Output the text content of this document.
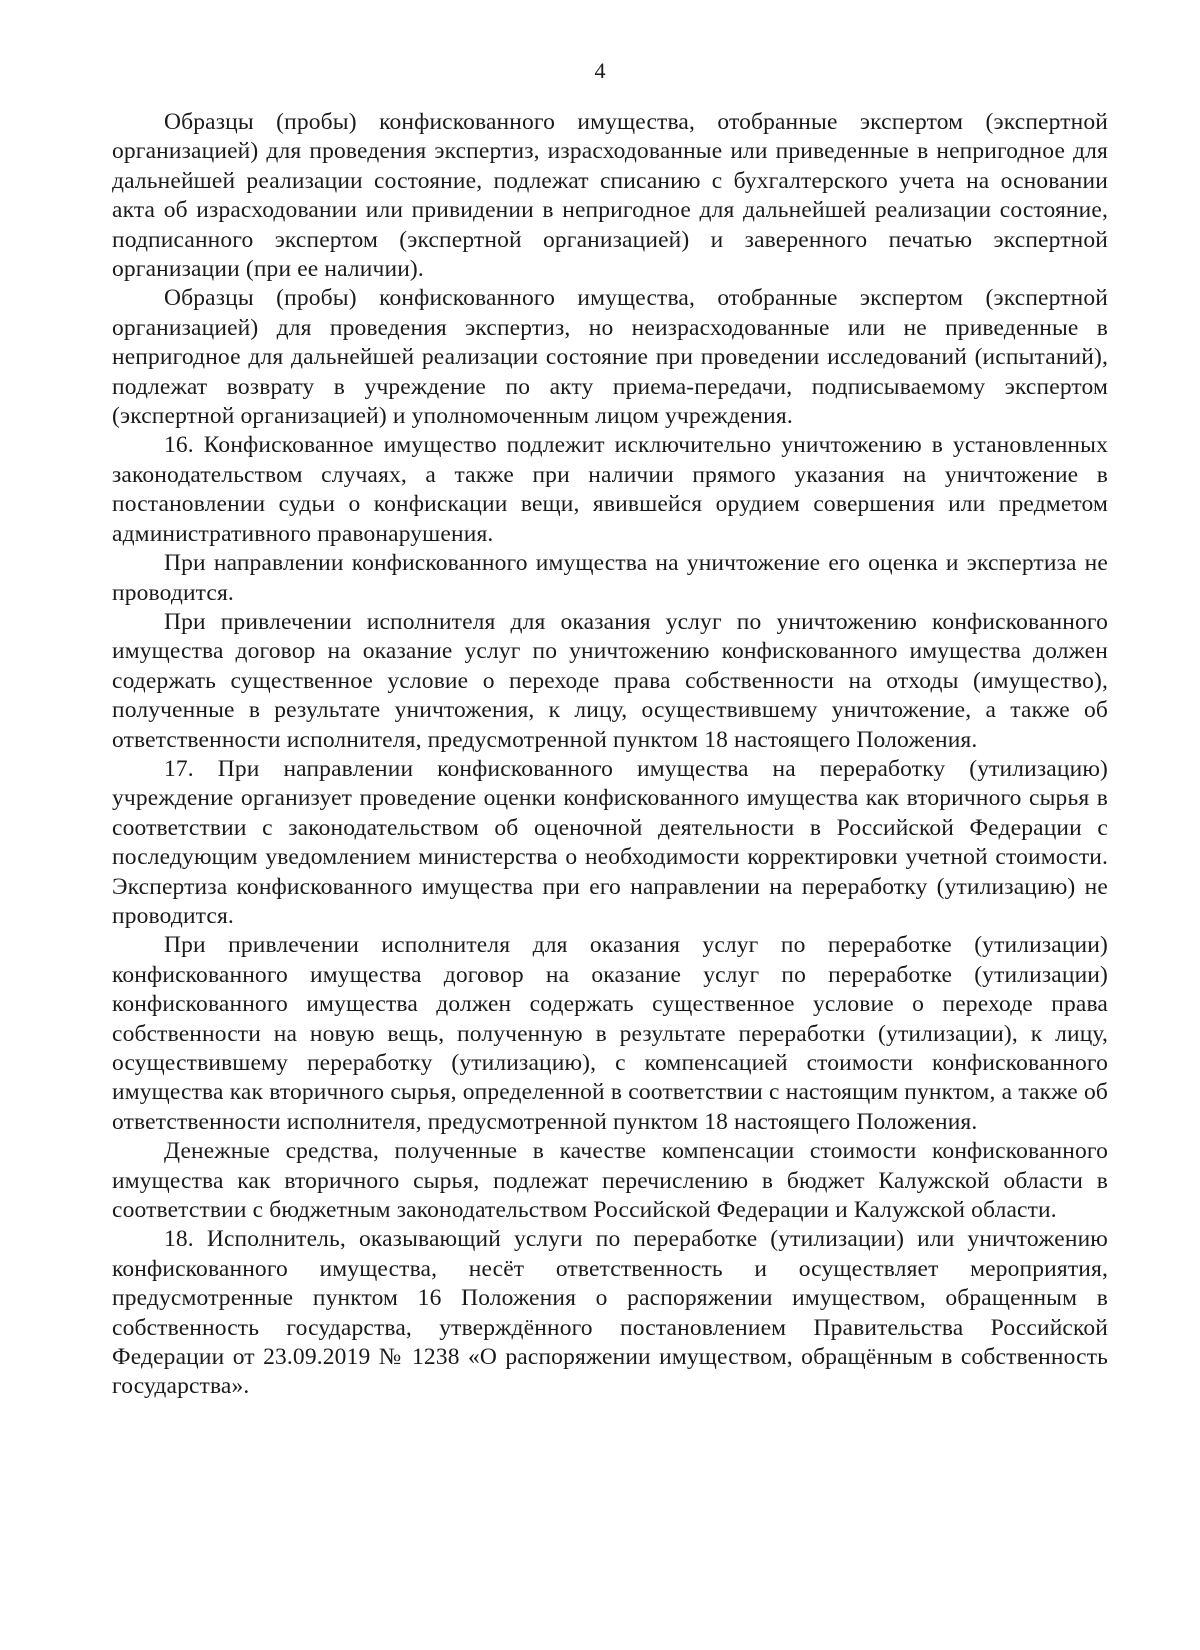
4

Образцы (пробы) конфискованного имущества, отобранные экспертом (экспертной организацией) для проведения экспертиз, израсходованные или приведенные в непригодное для дальнейшей реализации состояние, подлежат списанию с бухгалтерского учета на основании акта об израсходовании или привидении в непригодное для дальнейшей реализации состояние, подписанного экспертом (экспертной организацией) и заверенного печатью экспертной организации (при ее наличии).

Образцы (пробы) конфискованного имущества, отобранные экспертом (экспертной организацией) для проведения экспертиз, но неизрасходованные или не приведенные в непригодное для дальнейшей реализации состояние при проведении исследований (испытаний), подлежат возврату в учреждение по акту приема-передачи, подписываемому экспертом (экспертной организацией) и уполномоченным лицом учреждения.

16. Конфискованное имущество подлежит исключительно уничтожению в установленных законодательством случаях, а также при наличии прямого указания на уничтожение в постановлении судьи о конфискации вещи, явившейся орудием совершения или предметом административного правонарушения.

При направлении конфискованного имущества на уничтожение его оценка и экспертиза не проводится.

При привлечении исполнителя для оказания услуг по уничтожению конфискованного имущества договор на оказание услуг по уничтожению конфискованного имущества должен содержать существенное условие о переходе права собственности на отходы (имущество), полученные в результате уничтожения, к лицу, осуществившему уничтожение, а также об ответственности исполнителя, предусмотренной пунктом 18 настоящего Положения.

17. При направлении конфискованного имущества на переработку (утилизацию) учреждение организует проведение оценки конфискованного имущества как вторичного сырья в соответствии с законодательством об оценочной деятельности в Российской Федерации с последующим уведомлением министерства о необходимости корректировки учетной стоимости. Экспертиза конфискованного имущества при его направлении на переработку (утилизацию) не проводится.

При привлечении исполнителя для оказания услуг по переработке (утилизации) конфискованного имущества договор на оказание услуг по переработке (утилизации) конфискованного имущества должен содержать существенное условие о переходе права собственности на новую вещь, полученную в результате переработки (утилизации), к лицу, осуществившему переработку (утилизацию), с компенсацией стоимости конфискованного имущества как вторичного сырья, определенной в соответствии с настоящим пунктом, а также об ответственности исполнителя, предусмотренной пунктом 18 настоящего Положения.

Денежные средства, полученные в качестве компенсации стоимости конфискованного имущества как вторичного сырья, подлежат перечислению в бюджет Калужской области в соответствии с бюджетным законодательством Российской Федерации и Калужской области.

18. Исполнитель, оказывающий услуги по переработке (утилизации) или уничтожению конфискованного имущества, несёт ответственность и осуществляет мероприятия, предусмотренные пунктом 16 Положения о распоряжении имуществом, обращенным в собственность государства, утверждённого постановлением Правительства Российской Федерации от 23.09.2019 № 1238 «О распоряжении имуществом, обращённым в собственность государства».
